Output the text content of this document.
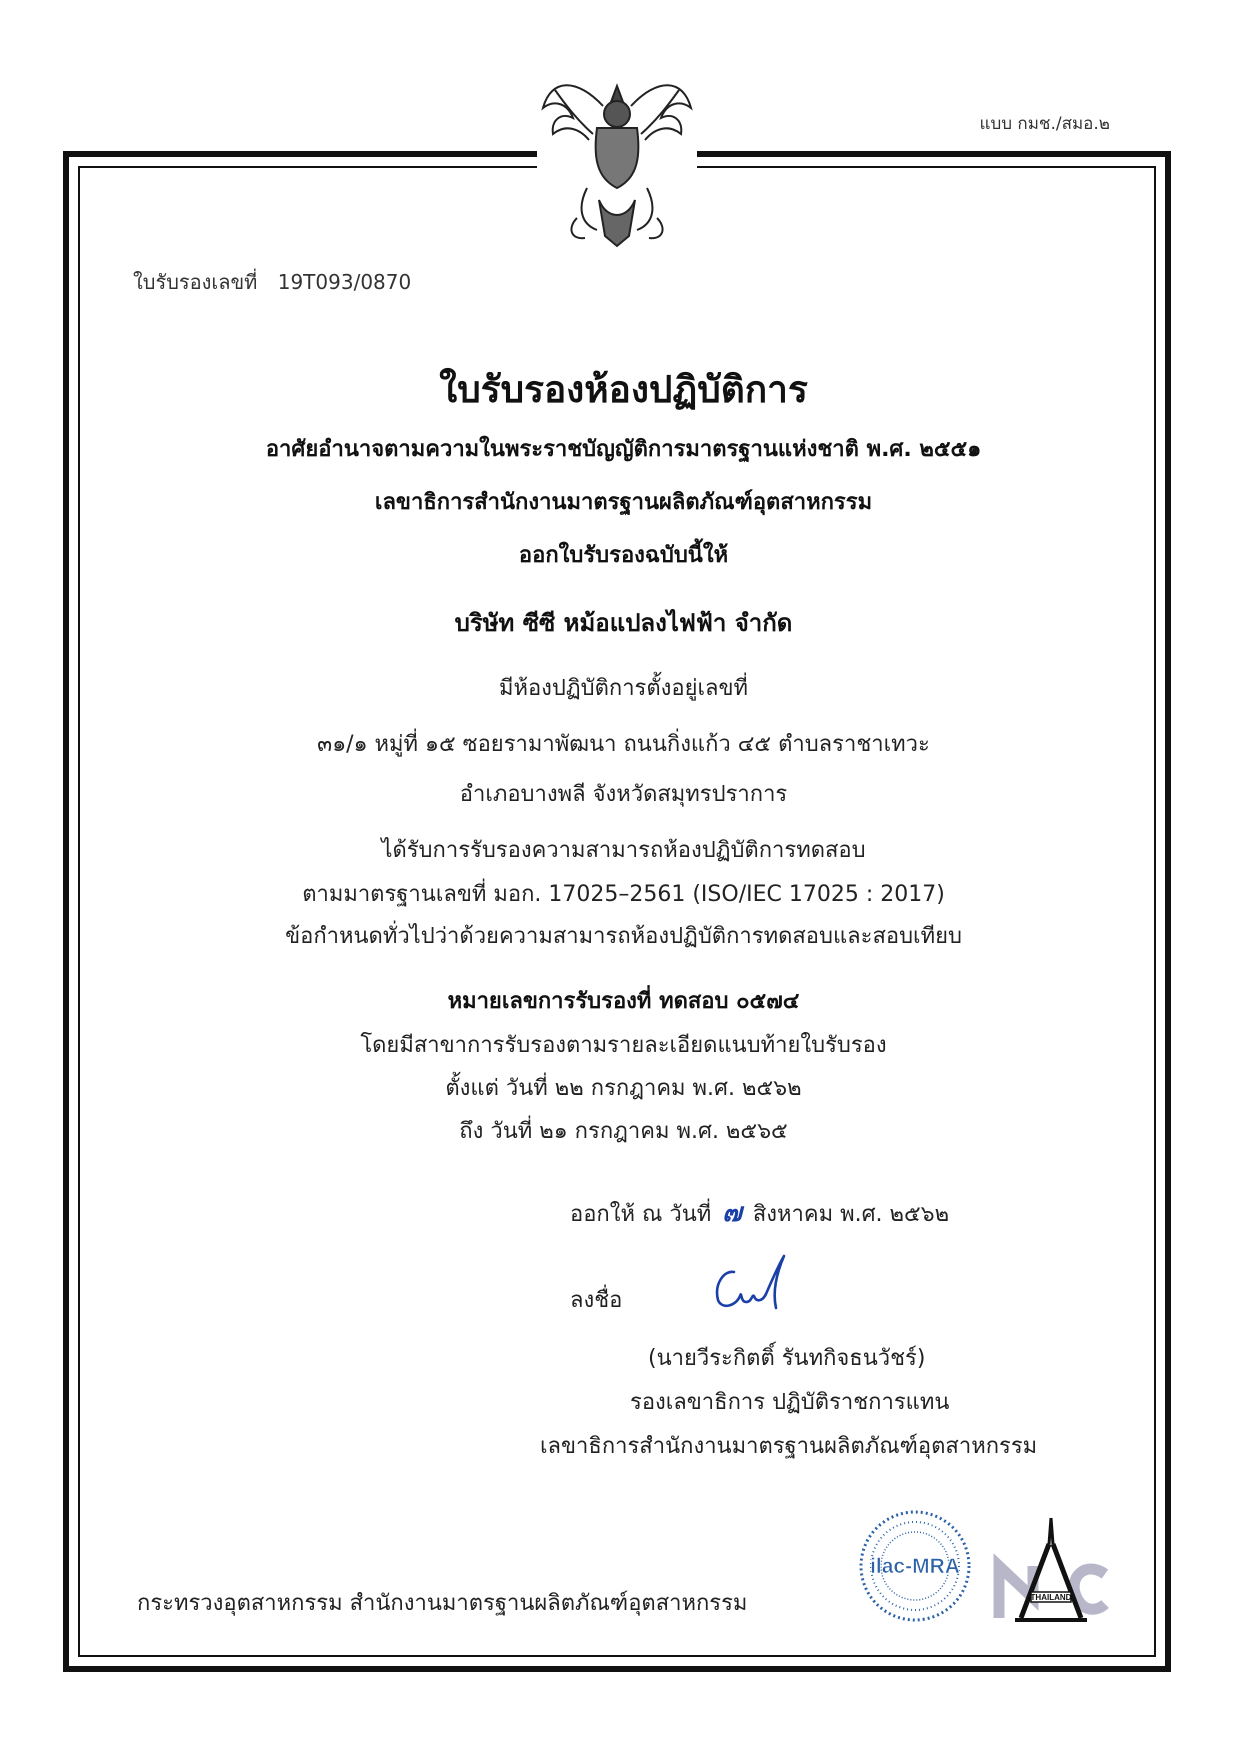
แบบ กมช./สมอ.๒
ใบรับรองเลขที่ 19T093/0870
ใบรับรองห้องปฏิบัติการ
อาศัยอำนาจตามความในพระราชบัญญัติการมาตรฐานแห่งชาติ พ.ศ. ๒๕๕๑
เลขาธิการสำนักงานมาตรฐานผลิตภัณฑ์อุตสาหกรรม
ออกใบรับรองฉบับนี้ให้
บริษัท ซีซี หม้อแปลงไฟฟ้า จำกัด
มีห้องปฏิบัติการตั้งอยู่เลขที่
๓๑/๑ หมู่ที่ ๑๕ ซอยรามาพัฒนา ถนนกิ่งแก้ว ๔๕ ตำบลราชาเทวะ
อำเภอบางพลี จังหวัดสมุทรปราการ
ได้รับการรับรองความสามารถห้องปฏิบัติการทดสอบ
ตามมาตรฐานเลขที่ มอก. 17025–2561 (ISO/IEC 17025 : 2017)
ข้อกำหนดทั่วไปว่าด้วยความสามารถห้องปฏิบัติการทดสอบและสอบเทียบ
หมายเลขการรับรองที่ ทดสอบ ๐๕๗๔
โดยมีสาขาการรับรองตามรายละเอียดแนบท้ายใบรับรอง
ตั้งแต่ วันที่ ๒๒ กรกฎาคม พ.ศ. ๒๕๖๒
ถึง วันที่ ๒๑ กรกฎาคม พ.ศ. ๒๕๖๕
ออกให้ ณ วันที่ ๗ สิงหาคม พ.ศ. ๒๕๖๒
ลงชื่อ
(นายวีระกิตติ์ รันทกิจธนวัชร์)
รองเลขาธิการ ปฏิบัติราชการแทน
เลขาธิการสำนักงานมาตรฐานผลิตภัณฑ์อุตสาหกรรม
กระทรวงอุตสาหกรรม สำนักงานมาตรฐานผลิตภัณฑ์อุตสาหกรรม
ilac-MRA
THAILAND
